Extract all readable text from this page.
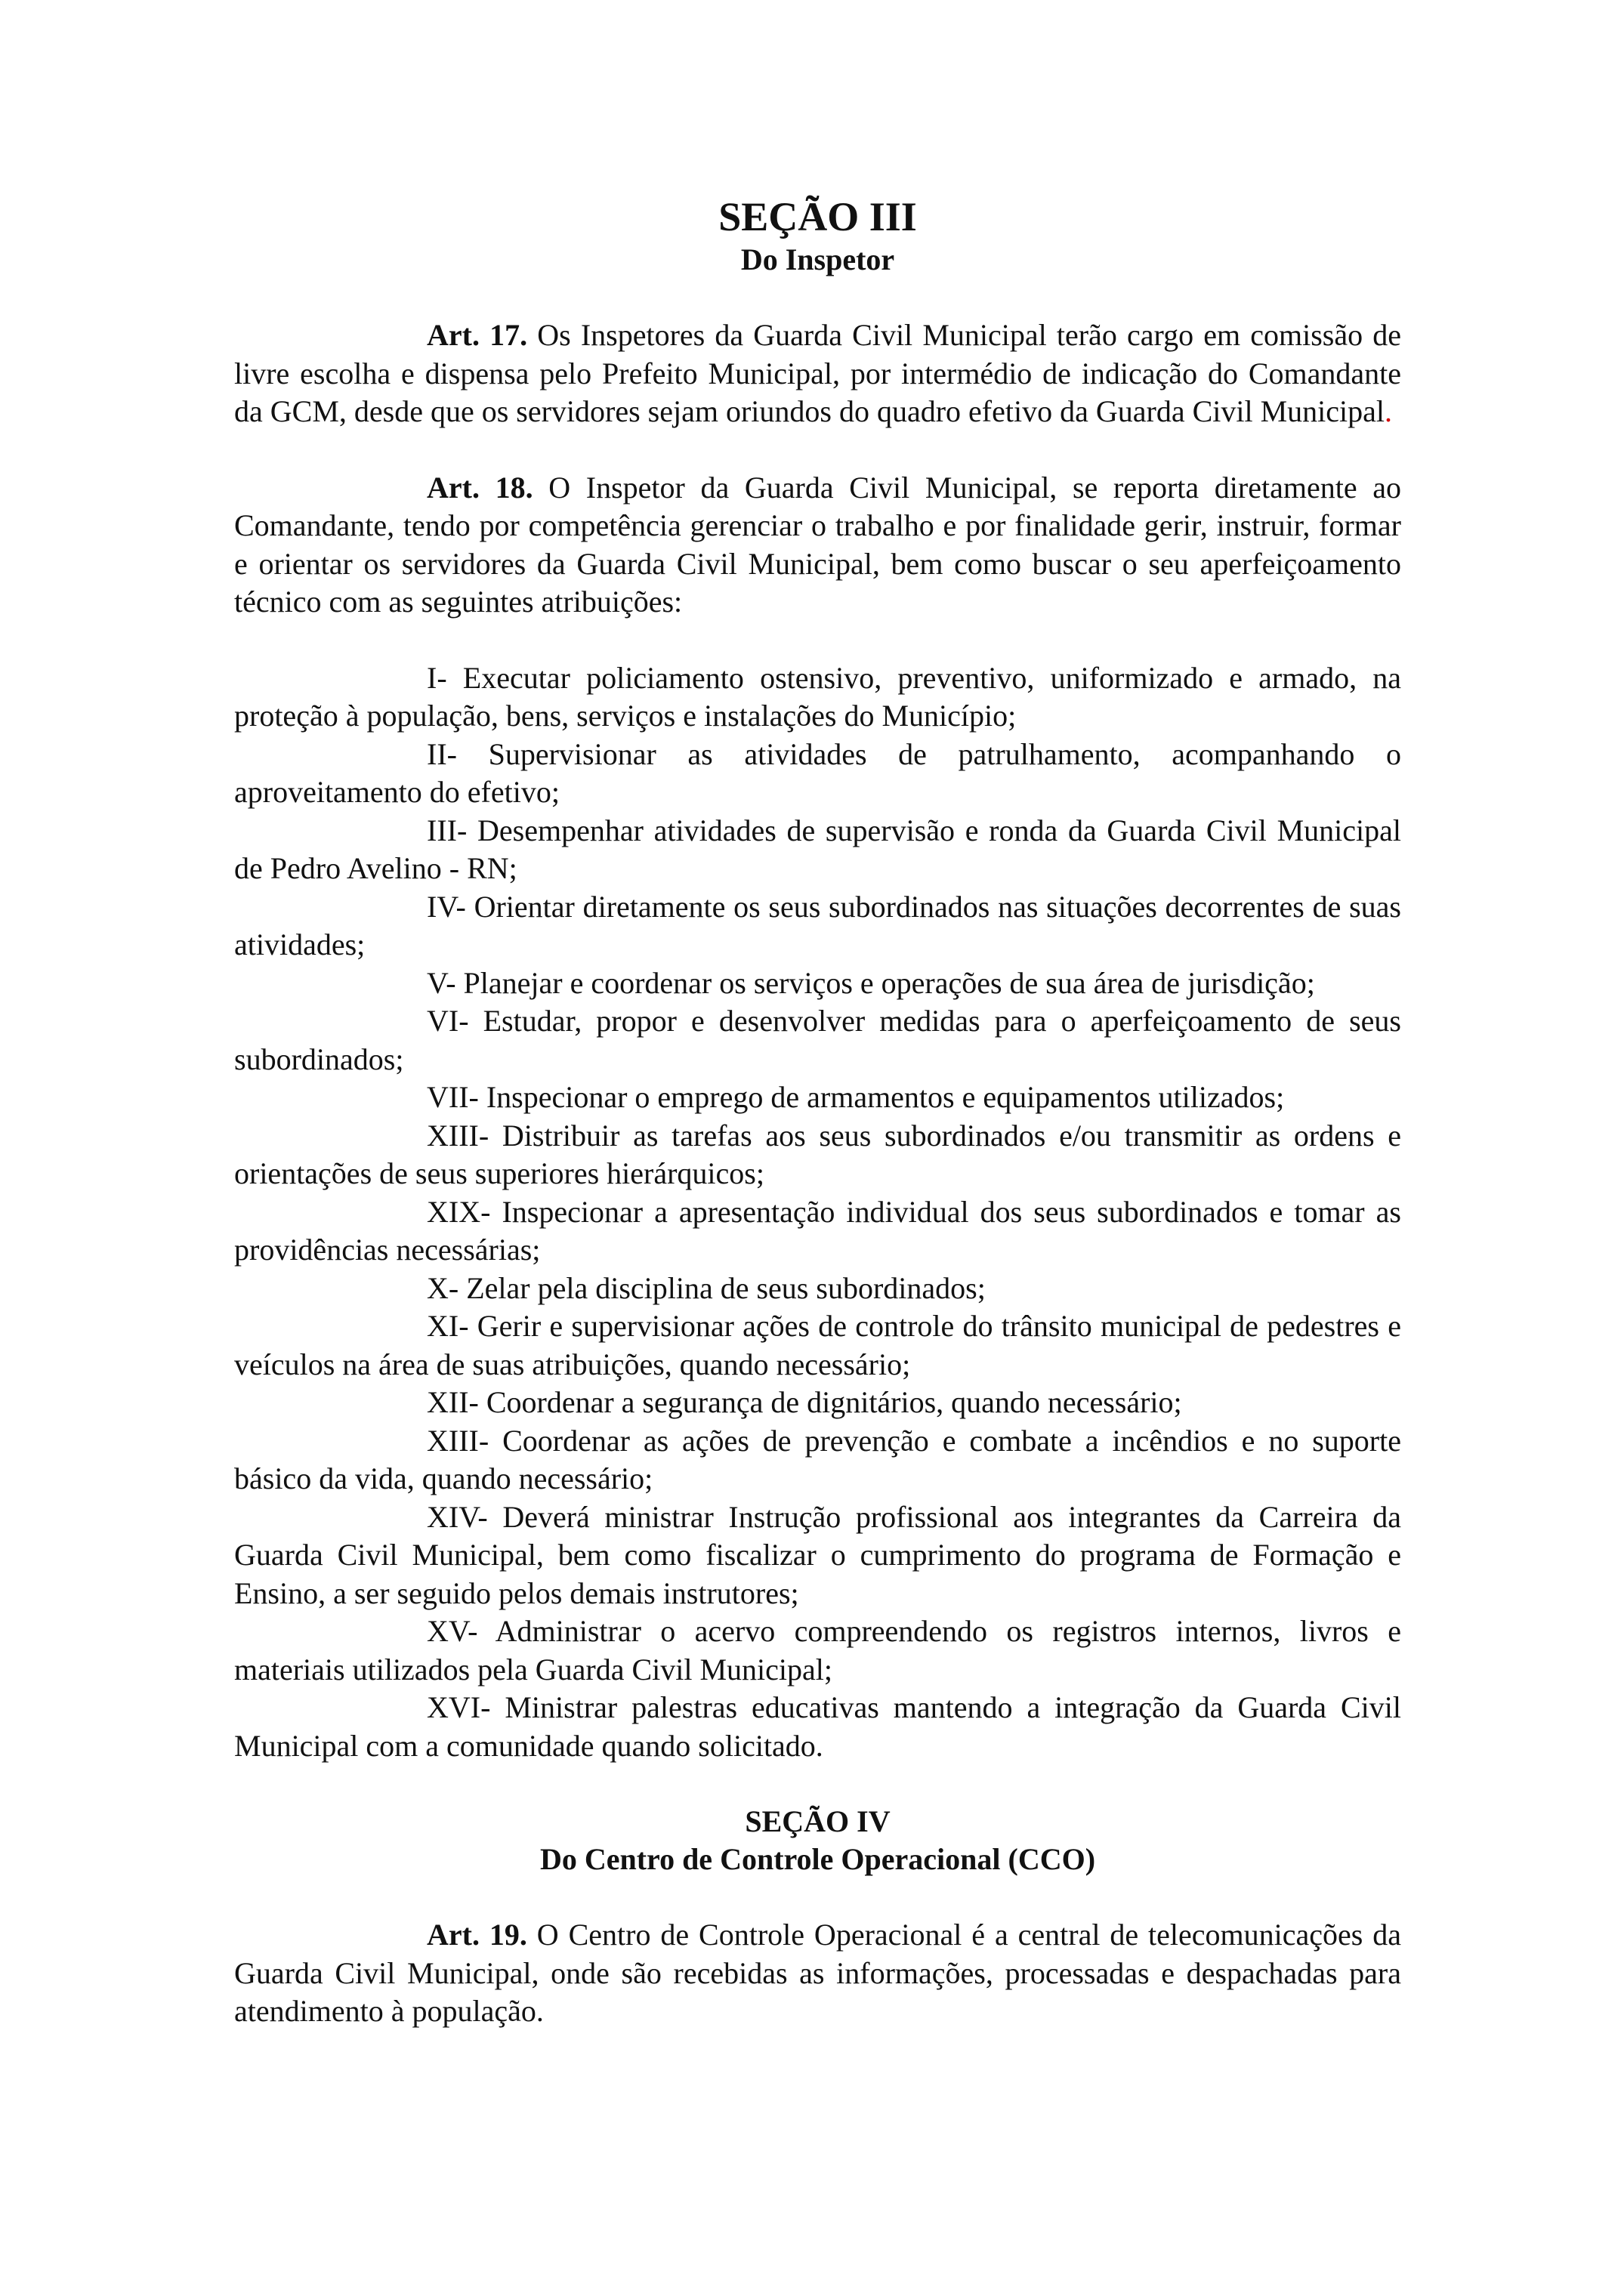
SEÇÃO III
Do Inspetor

Art. 17. Os Inspetores da Guarda Civil Municipal terão cargo em comissão de livre escolha e dispensa pelo Prefeito Municipal, por intermédio de indicação do Comandante da GCM, desde que os servidores sejam oriundos do quadro efetivo da Guarda Civil Municipal.

Art. 18. O Inspetor da Guarda Civil Municipal, se reporta diretamente ao Comandante, tendo por competência gerenciar o trabalho e por finalidade gerir, instruir, formar e orientar os servidores da Guarda Civil Municipal, bem como buscar o seu aperfeiçoamento técnico com as seguintes atribuições:

I- Executar policiamento ostensivo, preventivo, uniformizado e armado, na proteção à população, bens, serviços e instalações do Município;

II- Supervisionar as atividades de patrulhamento, acompanhando o aproveitamento do efetivo;

III- Desempenhar atividades de supervisão e ronda da Guarda Civil Municipal de Pedro Avelino - RN;

IV- Orientar diretamente os seus subordinados nas situações decorrentes de suas atividades;

V- Planejar e coordenar os serviços e operações de sua área de jurisdição;

VI- Estudar, propor e desenvolver medidas para o aperfeiçoamento de seus subordinados;

VII- Inspecionar o emprego de armamentos e equipamentos utilizados;

XIII- Distribuir as tarefas aos seus subordinados e/ou transmitir as ordens e orientações de seus superiores hierárquicos;

XIX- Inspecionar a apresentação individual dos seus subordinados e tomar as providências necessárias;

X- Zelar pela disciplina de seus subordinados;

XI- Gerir e supervisionar ações de controle do trânsito municipal de pedestres e veículos na área de suas atribuições, quando necessário;

XII- Coordenar a segurança de dignitários, quando necessário;

XIII- Coordenar as ações de prevenção e combate a incêndios e no suporte básico da vida, quando necessário;

XIV- Deverá ministrar Instrução profissional aos integrantes da Carreira da Guarda Civil Municipal, bem como fiscalizar o cumprimento do programa de Formação e Ensino, a ser seguido pelos demais instrutores;

XV- Administrar o acervo compreendendo os registros internos, livros e materiais utilizados pela Guarda Civil Municipal;

XVI- Ministrar palestras educativas mantendo a integração da Guarda Civil Municipal com a comunidade quando solicitado.

SEÇÃO IV
Do Centro de Controle Operacional (CCO)

Art. 19. O Centro de Controle Operacional é a central de telecomunicações da Guarda Civil Municipal, onde são recebidas as informações, processadas e despachadas para atendimento à população.
